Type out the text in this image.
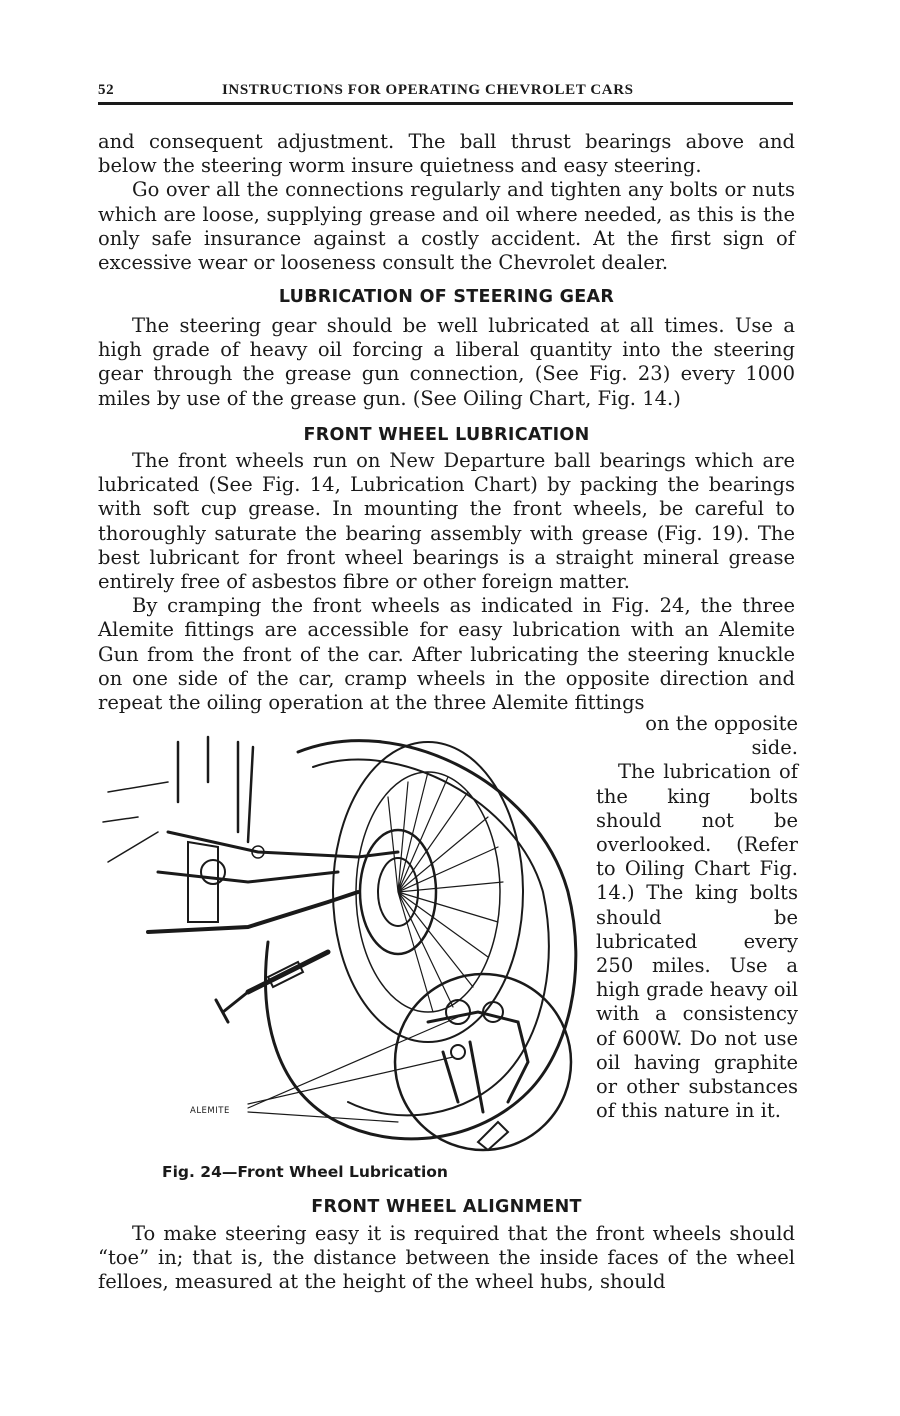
52	INSTRUCTIONS FOR OPERATING CHEVROLET CARS

and consequent adjustment. The ball thrust bearings above and below the steering worm insure quietness and easy steering.

Go over all the connections regularly and tighten any bolts or nuts which are loose, supplying grease and oil where needed, as this is the only safe insurance against a costly accident. At the first sign of excessive wear or looseness consult the Chevrolet dealer.

LUBRICATION OF STEERING GEAR

The steering gear should be well lubricated at all times. Use a high grade of heavy oil forcing a liberal quantity into the steering gear through the grease gun connection, (See Fig. 23) every 1000 miles by use of the grease gun. (See Oiling Chart, Fig. 14.)

FRONT WHEEL LUBRICATION

The front wheels run on New Departure ball bearings which are lubricated (See Fig. 14, Lubrication Chart) by packing the bearings with soft cup grease. In mounting the front wheels, be careful to thoroughly saturate the bearing assembly with grease (Fig. 19). The best lubricant for front wheel bearings is a straight mineral grease entirely free of asbestos fibre or other foreign matter.

By cramping the front wheels as indicated in Fig. 24, the three Alemite fittings are accessible for easy lubrication with an Alemite Gun from the front of the car. After lubricating the steering knuckle on one side of the car, cramp wheels in the opposite direction and repeat the oiling operation at the three Alemite fittings

on the opposite side.
The lubrication of the king bolts should not be overlooked. (Refer to Oiling Chart Fig. 14.) The king bolts should be lubricated every 250 miles. Use a high grade heavy oil with a consistency of 600W. Do not use oil having graphite or other substances of this nature in it.
ALEMITE
Fig. 24—Front Wheel Lubrication
FRONT WHEEL ALIGNMENT

To make steering easy it is required that the front wheels should “toe” in; that is, the distance between the inside faces of the wheel felloes, measured at the height of the wheel hubs, should
